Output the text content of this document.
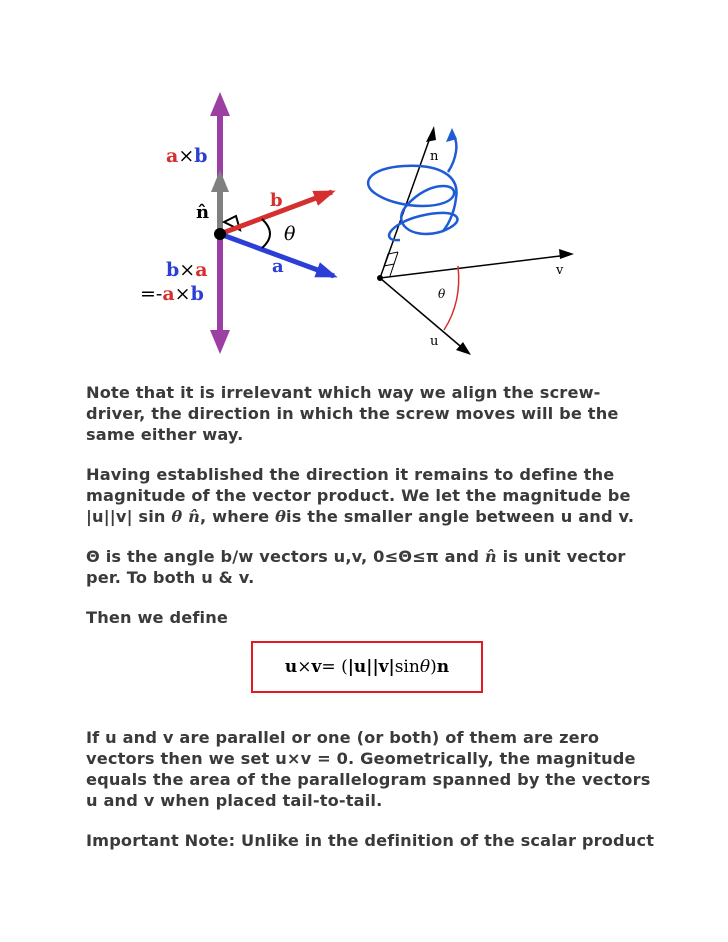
a×b
n̂
b
θ
a
b×a
=-a×b
n
v
θ
u

Note that it is irrelevant which way we align the screw-driver, the direction in which the screw moves will be the same either way.

Having established the direction it remains to define the magnitude of the vector product. We let the magnitude be |u||v| sin θ n̂, where θis the smaller angle between u and v.

Θ is the angle b/w vectors u,v, 0≤Θ≤π and n̂ is unit vector per. To both u & v.

Then we define

u × v = ( |u| |v| sin θ ) n

If u and v are parallel or one (or both) of them are zero vectors then we set u×v = 0. Geometrically, the magnitude equals the area of the parallelogram spanned by the vectors u and v when placed tail-to-tail.

Important Note: Unlike in the definition of the scalar product
